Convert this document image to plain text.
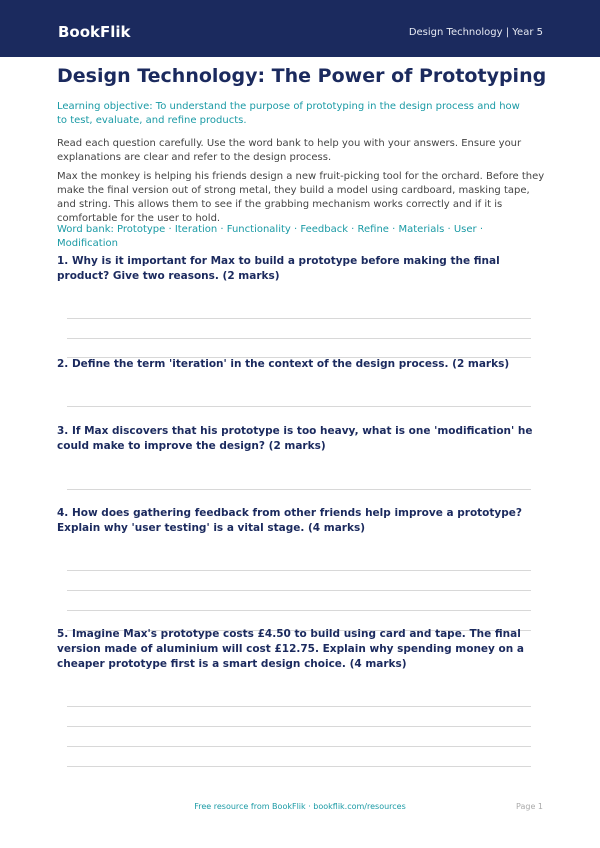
BookFlik	Design Technology | Year 5
Design Technology: The Power of Prototyping

Learning objective: To understand the purpose of prototyping in the design process and how to test, evaluate, and refine products.

Read each question carefully. Use the word bank to help you with your answers. Ensure your explanations are clear and refer to the design process.

Max the monkey is helping his friends design a new fruit-picking tool for the orchard. Before they make the final version out of strong metal, they build a model using cardboard, masking tape, and string. This allows them to see if the grabbing mechanism works correctly and if it is comfortable for the user to hold.

Word bank: Prototype · Iteration · Functionality · Feedback · Refine · Materials · User · Modification

1. Why is it important for Max to build a prototype before making the final product? Give two reasons. (2 marks)
2. Define the term 'iteration' in the context of the design process. (2 marks)
3. If Max discovers that his prototype is too heavy, what is one 'modification' he could make to improve the design? (2 marks)
4. How does gathering feedback from other friends help improve a prototype? Explain why 'user testing' is a vital stage. (4 marks)
5. Imagine Max's prototype costs £4.50 to build using card and tape. The final version made of aluminium will cost £12.75. Explain why spending money on a cheaper prototype first is a smart design choice. (4 marks)
Free resource from BookFlik · bookflik.com/resources	Page 1
